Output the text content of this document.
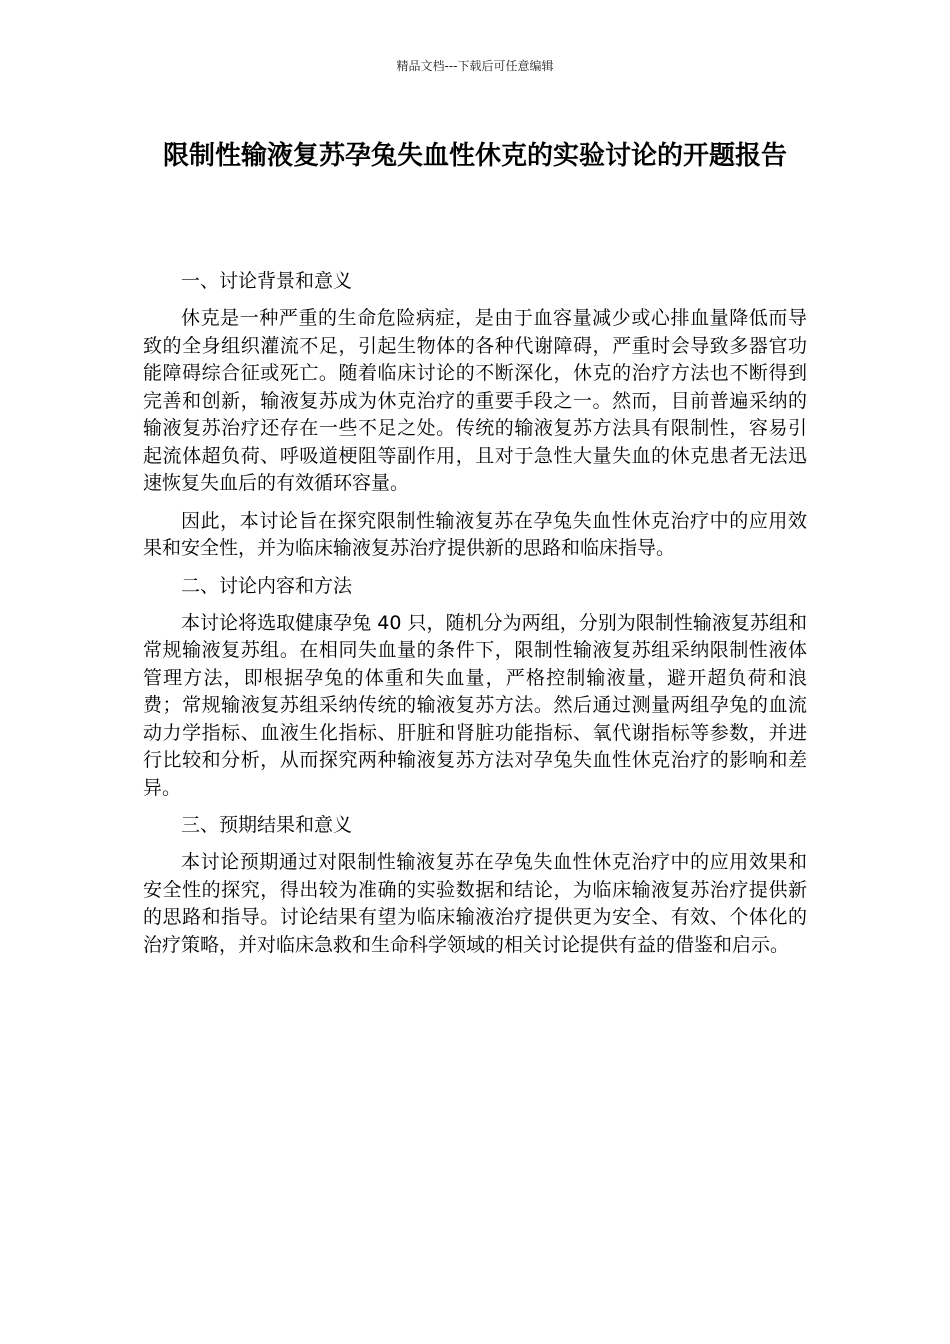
精品文档---下载后可任意编辑
限制性输液复苏孕兔失血性休克的实验讨论的开题报告

一、讨论背景和意义

休克是一种严重的生命危险病症，是由于血容量减少或心排血量降低而导致的全身组织灌流不足，引起生物体的各种代谢障碍，严重时会导致多器官功能障碍综合征或死亡。随着临床讨论的不断深化，休克的治疗方法也不断得到完善和创新，输液复苏成为休克治疗的重要手段之一。然而，目前普遍采纳的输液复苏治疗还存在一些不足之处。传统的输液复苏方法具有限制性，容易引起流体超负荷、呼吸道梗阻等副作用，且对于急性大量失血的休克患者无法迅速恢复失血后的有效循环容量。

因此，本讨论旨在探究限制性输液复苏在孕兔失血性休克治疗中的应用效果和安全性，并为临床输液复苏治疗提供新的思路和临床指导。

二、讨论内容和方法

本讨论将选取健康孕兔 40 只，随机分为两组，分别为限制性输液复苏组和常规输液复苏组。在相同失血量的条件下，限制性输液复苏组采纳限制性液体管理方法，即根据孕兔的体重和失血量，严格控制输液量，避开超负荷和浪费；常规输液复苏组采纳传统的输液复苏方法。然后通过测量两组孕兔的血流动力学指标、血液生化指标、肝脏和肾脏功能指标、氧代谢指标等参数，并进行比较和分析，从而探究两种输液复苏方法对孕兔失血性休克治疗的影响和差异。

三、预期结果和意义

本讨论预期通过对限制性输液复苏在孕兔失血性休克治疗中的应用效果和安全性的探究，得出较为准确的实验数据和结论，为临床输液复苏治疗提供新的思路和指导。讨论结果有望为临床输液治疗提供更为安全、有效、个体化的治疗策略，并对临床急救和生命科学领域的相关讨论提供有益的借鉴和启示。
